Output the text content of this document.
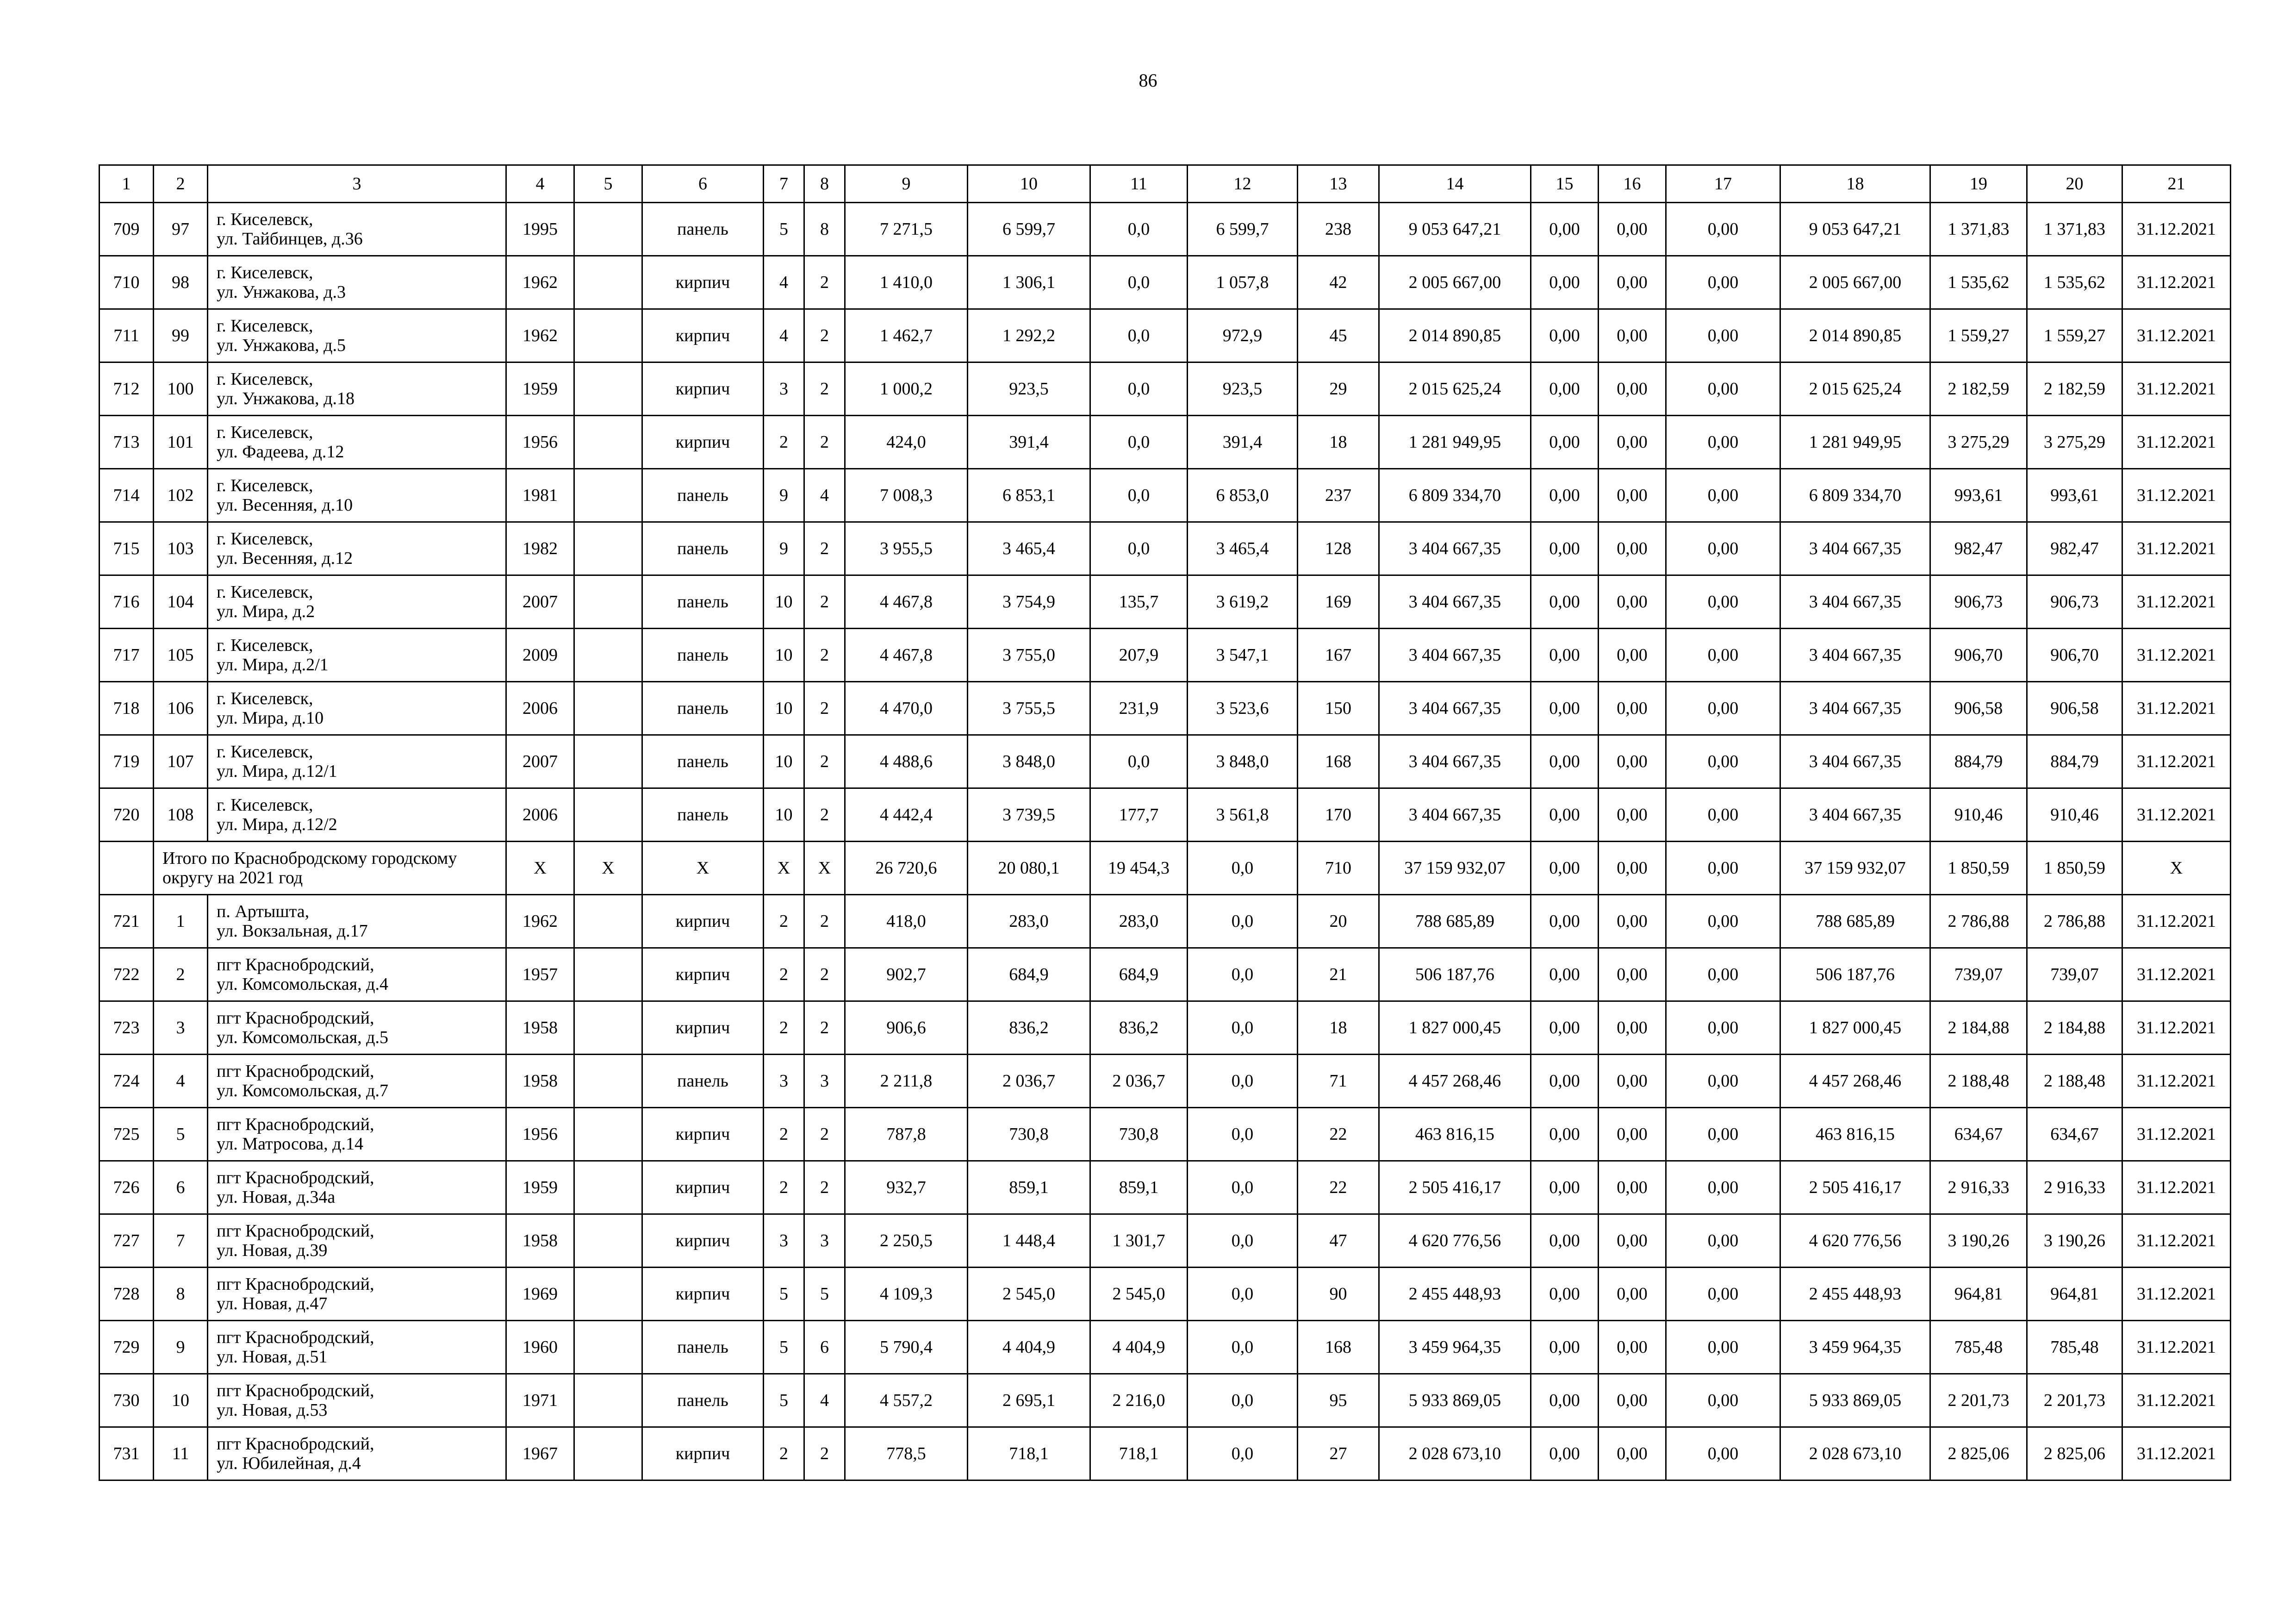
86
1	2	3	4	5	6	7	8	9	10	11	12	13	14	15	16	17	18	19	20	21
709	97	г. Киселевск,
ул. Тайбинцев, д.36	1995		панель	5	8	7 271,5	6 599,7	0,0	6 599,7	238	9 053 647,21	0,00	0,00	0,00	9 053 647,21	1 371,83	1 371,83	31.12.2021
710	98	г. Киселевск,
ул. Унжакова, д.3	1962		кирпич	4	2	1 410,0	1 306,1	0,0	1 057,8	42	2 005 667,00	0,00	0,00	0,00	2 005 667,00	1 535,62	1 535,62	31.12.2021
711	99	г. Киселевск,
ул. Унжакова, д.5	1962		кирпич	4	2	1 462,7	1 292,2	0,0	972,9	45	2 014 890,85	0,00	0,00	0,00	2 014 890,85	1 559,27	1 559,27	31.12.2021
712	100	г. Киселевск,
ул. Унжакова, д.18	1959		кирпич	3	2	1 000,2	923,5	0,0	923,5	29	2 015 625,24	0,00	0,00	0,00	2 015 625,24	2 182,59	2 182,59	31.12.2021
713	101	г. Киселевск,
ул. Фадеева, д.12	1956		кирпич	2	2	424,0	391,4	0,0	391,4	18	1 281 949,95	0,00	0,00	0,00	1 281 949,95	3 275,29	3 275,29	31.12.2021
714	102	г. Киселевск,
ул. Весенняя, д.10	1981		панель	9	4	7 008,3	6 853,1	0,0	6 853,0	237	6 809 334,70	0,00	0,00	0,00	6 809 334,70	993,61	993,61	31.12.2021
715	103	г. Киселевск,
ул. Весенняя, д.12	1982		панель	9	2	3 955,5	3 465,4	0,0	3 465,4	128	3 404 667,35	0,00	0,00	0,00	3 404 667,35	982,47	982,47	31.12.2021
716	104	г. Киселевск,
ул. Мира, д.2	2007		панель	10	2	4 467,8	3 754,9	135,7	3 619,2	169	3 404 667,35	0,00	0,00	0,00	3 404 667,35	906,73	906,73	31.12.2021
717	105	г. Киселевск,
ул. Мира, д.2/1	2009		панель	10	2	4 467,8	3 755,0	207,9	3 547,1	167	3 404 667,35	0,00	0,00	0,00	3 404 667,35	906,70	906,70	31.12.2021
718	106	г. Киселевск,
ул. Мира, д.10	2006		панель	10	2	4 470,0	3 755,5	231,9	3 523,6	150	3 404 667,35	0,00	0,00	0,00	3 404 667,35	906,58	906,58	31.12.2021
719	107	г. Киселевск,
ул. Мира, д.12/1	2007		панель	10	2	4 488,6	3 848,0	0,0	3 848,0	168	3 404 667,35	0,00	0,00	0,00	3 404 667,35	884,79	884,79	31.12.2021
720	108	г. Киселевск,
ул. Мира, д.12/2	2006		панель	10	2	4 442,4	3 739,5	177,7	3 561,8	170	3 404 667,35	0,00	0,00	0,00	3 404 667,35	910,46	910,46	31.12.2021
	Итого по Краснобродскому городскому округу на 2021 год		X	X	X	X	X	26 720,6	20 080,1	19 454,3	0,0	710	37 159 932,07	0,00	0,00	0,00	37 159 932,07	1 850,59	1 850,59	X
721	1	п. Артышта,
ул. Вокзальная, д.17	1962		кирпич	2	2	418,0	283,0	283,0	0,0	20	788 685,89	0,00	0,00	0,00	788 685,89	2 786,88	2 786,88	31.12.2021
722	2	пгт Краснобродский,
ул. Комсомольская, д.4	1957		кирпич	2	2	902,7	684,9	684,9	0,0	21	506 187,76	0,00	0,00	0,00	506 187,76	739,07	739,07	31.12.2021
723	3	пгт Краснобродский,
ул. Комсомольская, д.5	1958		кирпич	2	2	906,6	836,2	836,2	0,0	18	1 827 000,45	0,00	0,00	0,00	1 827 000,45	2 184,88	2 184,88	31.12.2021
724	4	пгт Краснобродский,
ул. Комсомольская, д.7	1958		панель	3	3	2 211,8	2 036,7	2 036,7	0,0	71	4 457 268,46	0,00	0,00	0,00	4 457 268,46	2 188,48	2 188,48	31.12.2021
725	5	пгт Краснобродский,
ул. Матросова, д.14	1956		кирпич	2	2	787,8	730,8	730,8	0,0	22	463 816,15	0,00	0,00	0,00	463 816,15	634,67	634,67	31.12.2021
726	6	пгт Краснобродский,
ул. Новая, д.34а	1959		кирпич	2	2	932,7	859,1	859,1	0,0	22	2 505 416,17	0,00	0,00	0,00	2 505 416,17	2 916,33	2 916,33	31.12.2021
727	7	пгт Краснобродский,
ул. Новая, д.39	1958		кирпич	3	3	2 250,5	1 448,4	1 301,7	0,0	47	4 620 776,56	0,00	0,00	0,00	4 620 776,56	3 190,26	3 190,26	31.12.2021
728	8	пгт Краснобродский,
ул. Новая, д.47	1969		кирпич	5	5	4 109,3	2 545,0	2 545,0	0,0	90	2 455 448,93	0,00	0,00	0,00	2 455 448,93	964,81	964,81	31.12.2021
729	9	пгт Краснобродский,
ул. Новая, д.51	1960		панель	5	6	5 790,4	4 404,9	4 404,9	0,0	168	3 459 964,35	0,00	0,00	0,00	3 459 964,35	785,48	785,48	31.12.2021
730	10	пгт Краснобродский,
ул. Новая, д.53	1971		панель	5	4	4 557,2	2 695,1	2 216,0	0,0	95	5 933 869,05	0,00	0,00	0,00	5 933 869,05	2 201,73	2 201,73	31.12.2021
731	11	пгт Краснобродский,
ул. Юбилейная, д.4	1967		кирпич	2	2	778,5	718,1	718,1	0,0	27	2 028 673,10	0,00	0,00	0,00	2 028 673,10	2 825,06	2 825,06	31.12.2021
